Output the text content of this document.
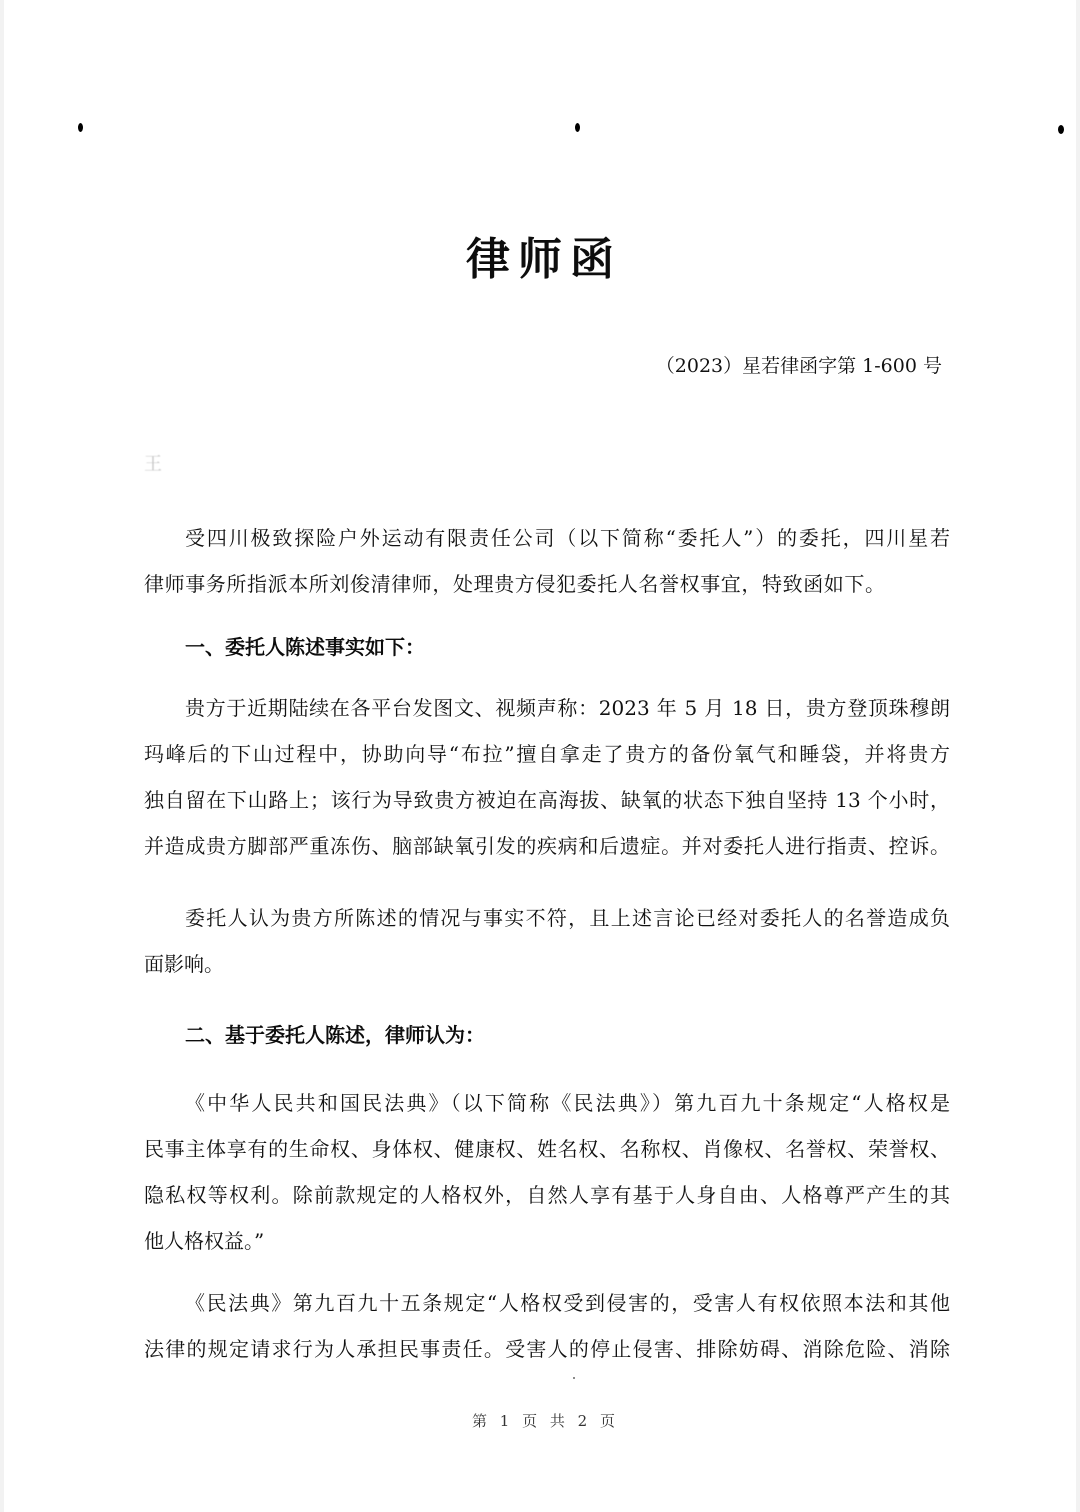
律师函
（2023）星若律函字第 1-600 号
王
受四川极致探险户外运动有限责任公司（以下简称“委托人”）的委托，四川星若
律师事务所指派本所刘俊清律师，处理贵方侵犯委托人名誉权事宜，特致函如下。
一、委托人陈述事实如下：
贵方于近期陆续在各平台发图文、视频声称：2023 年 5 月 18 日，贵方登顶珠穆朗
玛峰后的下山过程中，协助向导“布拉”擅自拿走了贵方的备份氧气和睡袋，并将贵方
独自留在下山路上；该行为导致贵方被迫在高海拔、缺氧的状态下独自坚持 13 个小时，
并造成贵方脚部严重冻伤、脑部缺氧引发的疾病和后遗症。并对委托人进行指责、控诉。
委托人认为贵方所陈述的情况与事实不符，且上述言论已经对委托人的名誉造成负
面影响。
二、基于委托人陈述，律师认为：
《中华人民共和国民法典》（以下简称《民法典》）第九百九十条规定“人格权是
民事主体享有的生命权、身体权、健康权、姓名权、名称权、肖像权、名誉权、荣誉权、
隐私权等权利。除前款规定的人格权外，自然人享有基于人身自由、人格尊严产生的其
他人格权益。”
《民法典》第九百九十五条规定“人格权受到侵害的，受害人有权依照本法和其他
法律的规定请求行为人承担民事责任。受害人的停止侵害、排除妨碍、消除危险、消除
第 1 页 共 2 页
